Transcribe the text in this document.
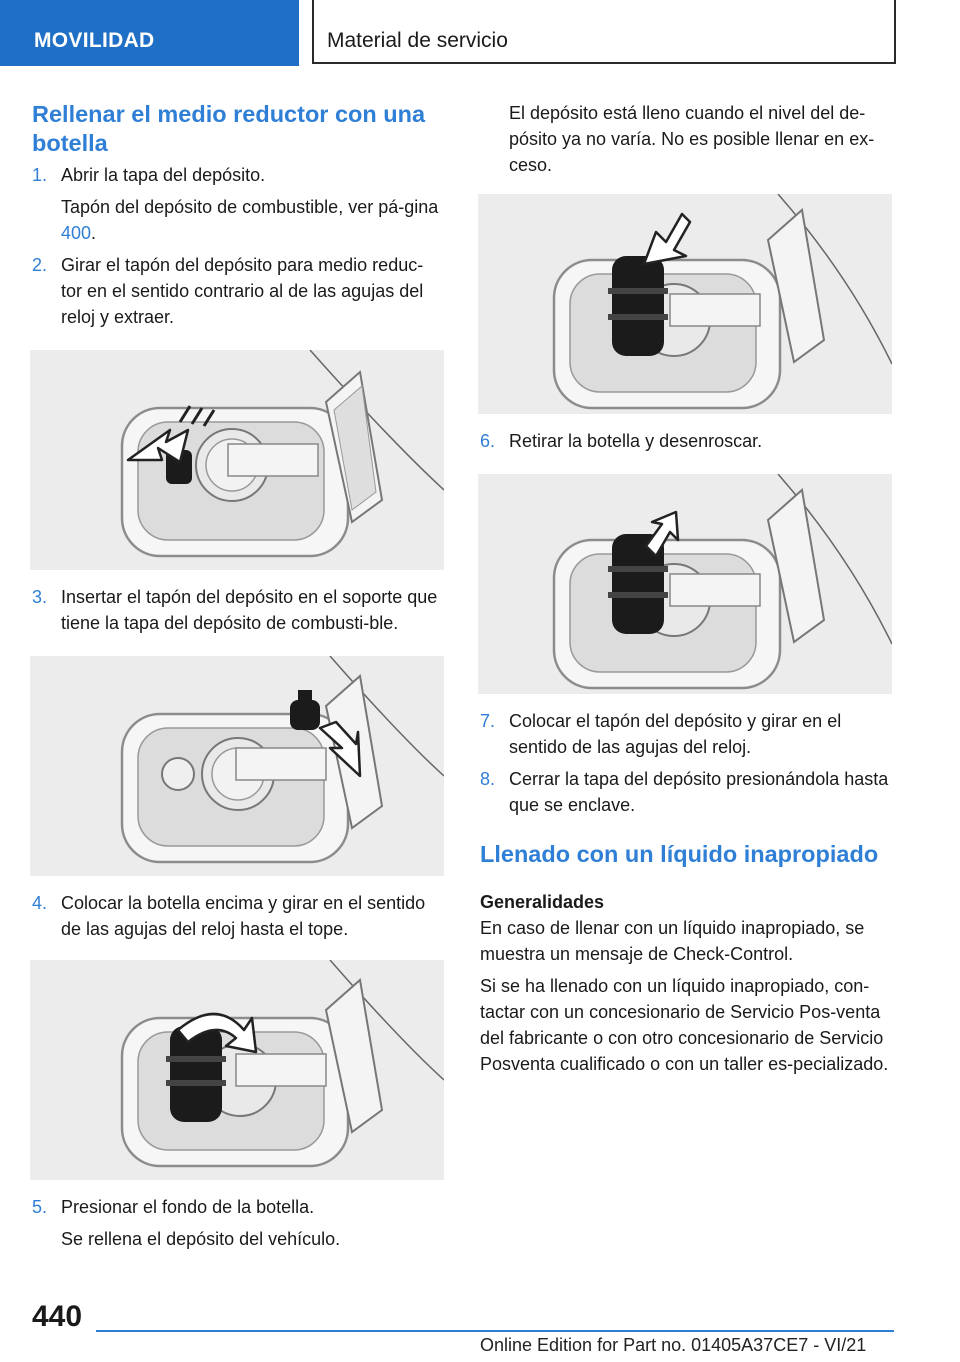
MOVILIDAD	Material de servicio
Rellenar el medio reductor con una botella
1. Abrir la tapa del depósito.
Tapón del depósito de combustible, ver pá‐gina 400.
2. Girar el tapón del depósito para medio reduc‐tor en el sentido contrario al de las agujas del reloj y extraer.
3. Insertar el tapón del depósito en el soporte que tiene la tapa del depósito de combusti‐ble.
4. Colocar la botella encima y girar en el sentido de las agujas del reloj hasta el tope.
5. Presionar el fondo de la botella.
Se rellena el depósito del vehículo.
El depósito está lleno cuando el nivel del de‐pósito ya no varía. No es posible llenar en ex‐ceso.
6. Retirar la botella y desenroscar.
7. Colocar el tapón del depósito y girar en el sentido de las agujas del reloj.
8. Cerrar la tapa del depósito presionándola hasta que se enclave.
Llenado con un líquido inapropiado
Generalidades

En caso de llenar con un líquido inapropiado, se muestra un mensaje de Check-Control.

Si se ha llenado con un líquido inapropiado, con‐tactar con un concesionario de Servicio Pos‐venta del fabricante o con otro concesionario de Servicio Posventa cualificado o con un taller es‐pecializado.

440
Online Edition for Part no. 01405A37CE7 - VI/21
